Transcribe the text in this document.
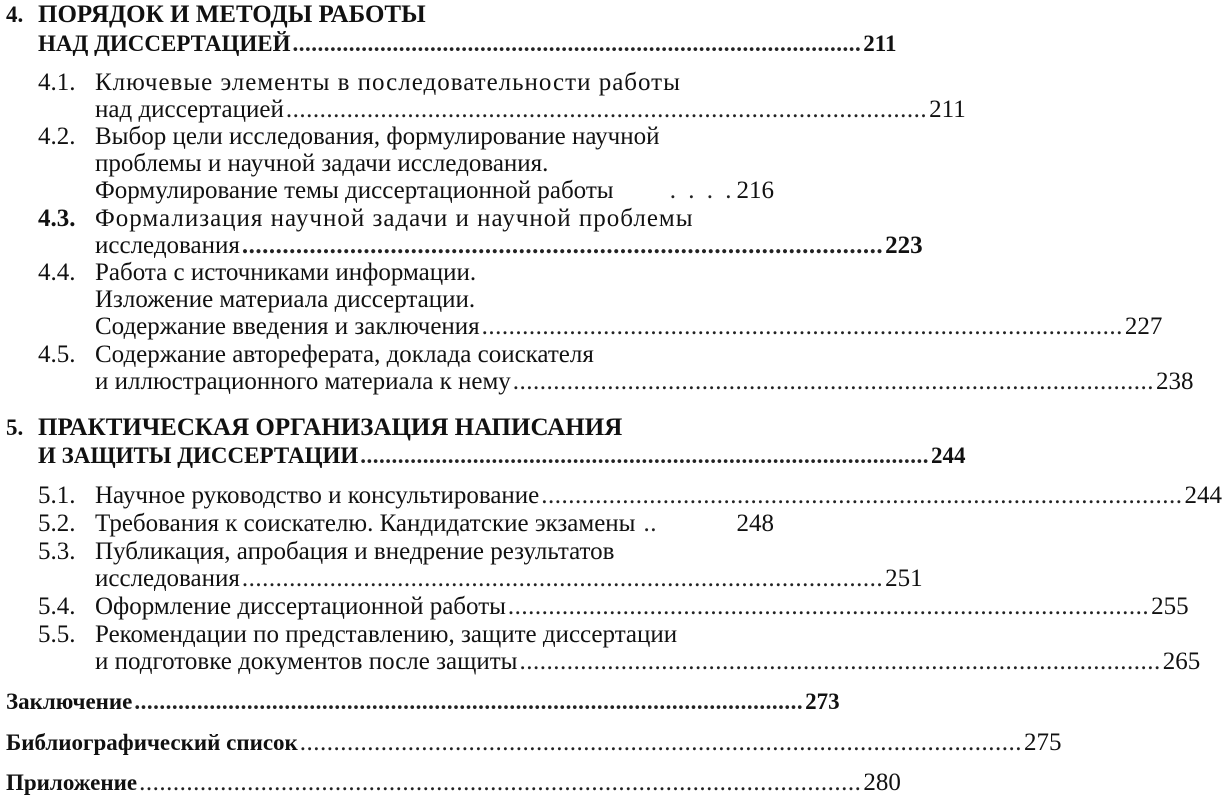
4. ПОРЯДОК И МЕТОДЫ РАБОТЫ
НАД ДИССЕРТАЦИЕЙ ........................................................................................... 211
4.1. Ключевые элементы в последовательности работы
над диссертацией ............................................................................................... 211
4.2. Выбор цели исследования, формулирование научной
проблемы и научной задачи исследования.
Формулирование темы диссертационной работы	. . . . 216
4.3. Формализация научной задачи и научной проблемы
исследования ............................................................................................... 223
4.4. Работа с источниками информации.
Изложение материала диссертации.
Содержание введения и заключения ............................................................................................... 227
4.5. Содержание автореферата, доклада соискателя
и иллюстрационного материала к нему ............................................................................................... 238
5. ПРАКТИЧЕСКАЯ ОРГАНИЗАЦИЯ НАПИСАНИЯ
И ЗАЩИТЫ ДИССЕРТАЦИИ ........................................................................................... 244
5.1. Научное руководство и консультирование ............................................................................................... 244
5.2. Требования к соискателю. Кандидатские экзамены ..	248
5.3. Публикация, апробация и внедрение результатов
исследования ............................................................................................... 251
5.4. Оформление диссертационной работы ............................................................................................... 255
5.5. Рекомендации по представлению, защите диссертации
и подготовке документов после защиты ............................................................................................... 265
Заключение ........................................................................................................... 273
Библиографический список ........................................................................................................... 275
Приложение ........................................................................................................... 280
